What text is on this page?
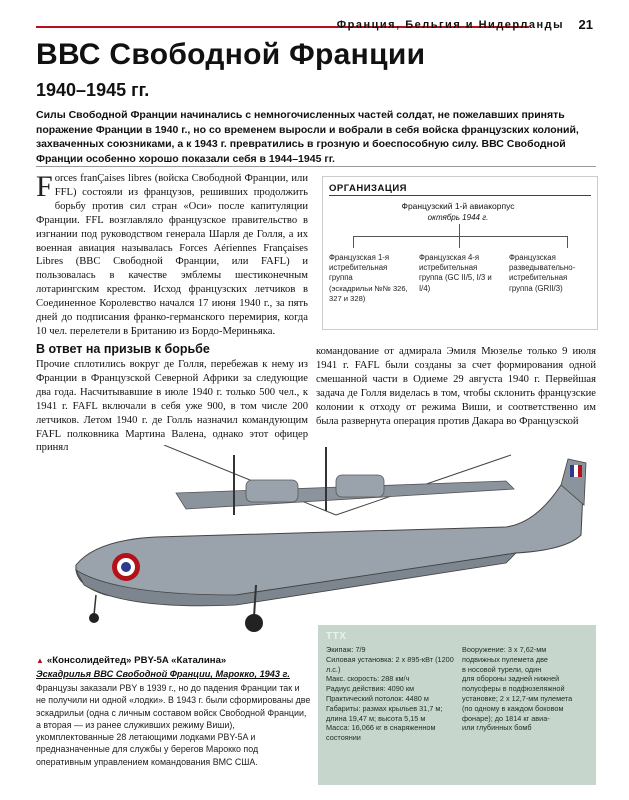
Франция, Бельгия и Нидерланды 21
ВВС Свободной Франции
1940–1945 гг.
Силы Свободной Франции начинались с немногочисленных частей солдат, не пожелавших принять поражение Франции в 1940 г., но со временем выросли и вобрали в себя войска французских колоний, захваченных союзниками, а к 1943 г. превратились в грозную и боеспособную силу. ВВС Свободной Франции особенно хорошо показали себя в 1944–1945 гг.
Forces franÇaises libres (войска Свободной Франции, или FFL) состояли из французов, решивших продолжить борьбу против сил стран «Оси» после капитуляции Франции. FFL возглавляло французское правительство в изгнании под руководством генерала Шарля де Голля, а их военная авиация называлась Forces Aériennes Françaises Libres (ВВС Свободной Франции, или FAFL) и пользовалась в качестве эмблемы шестиконечным лотарингским крестом. Исход французских летчиков в Соединенное Королевство начался 17 июня 1940 г., за пять дней до подписания франко-германского перемирия, когда 10 чел. перелетели в Британию из Бордо-Мериньяка.
ОРГАНИЗАЦИЯ
Французский 1-й авиакорпус
октябрь 1944 г.
Французская 1-я истребительная группа
(эскадрильи №№ 326, 327 и 328)
Французская 4-я истребительная группа (GC II/5, I/3 и I/4)
Французская разведывательно-истребительная группа (GRII/3)
В ответ на призыв к борьбе
Прочие сплотились вокруг де Голля, перебежав к нему из Франции в Французской Северной Африки за следующие два года. Насчитывавшие в июле 1940 г. только 500 чел., к 1941 г. FAFL включали в себя уже 900, в том числе 200 летчиков. Летом 1940 г. де Голль назначил командующим FAFL полковника Мартина Валена, однако этот офицер принял
командование от адмирала Эмиля Мюзелье только 9 июля 1941 г. FAFL были созданы за счет формирования одной смешанной части в Одиеме 29 августа 1940 г. Первейшая задача де Голля виделась в том, чтобы склонить французские колонии к отходу от режима Виши, и соответственно им была развернута операция против Дакара во Французской
▲ «Консолидейтед» PBY-5A «Каталина»
Эскадрилья ВВС Свободной Франции, Марокко, 1943 г.
Французы заказали PBY в 1939 г., но до падения Франции так и не получили ни одной «лодки». В 1943 г. были сформированы две эскадрильи (одна с личным составом войск Свободной Франции, а вторая — из ранее служивших режиму Виши), укомплектованные 28 летающими лодками PBY-5A и предназначенные для службы у берегов Марокко под оперативным управлением командования ВМС США.
ТТХ
Экипаж: 7/9
Силовая установка: 2 х 895-кВт (1200 л.с.)
Макс. скорость: 288 км/ч
Радиус действия: 4090 км
Практический потолок: 4480 м
Габариты: размах крыльев 31,7 м; длина 19,47 м; высота 5,15 м
Масса: 16,066 кг в снаряженном состоянии
Вооружение: 3 х 7,62-мм
подвижных пулемета две
в носовой турели, один
для обороны задней нижней
полусферы в подфюзеляжной
установке; 2 х 12,7-мм пулемета
(по одному в каждом боковом
фонаре); до 1814 кг авиа-
или глубинных бомб
